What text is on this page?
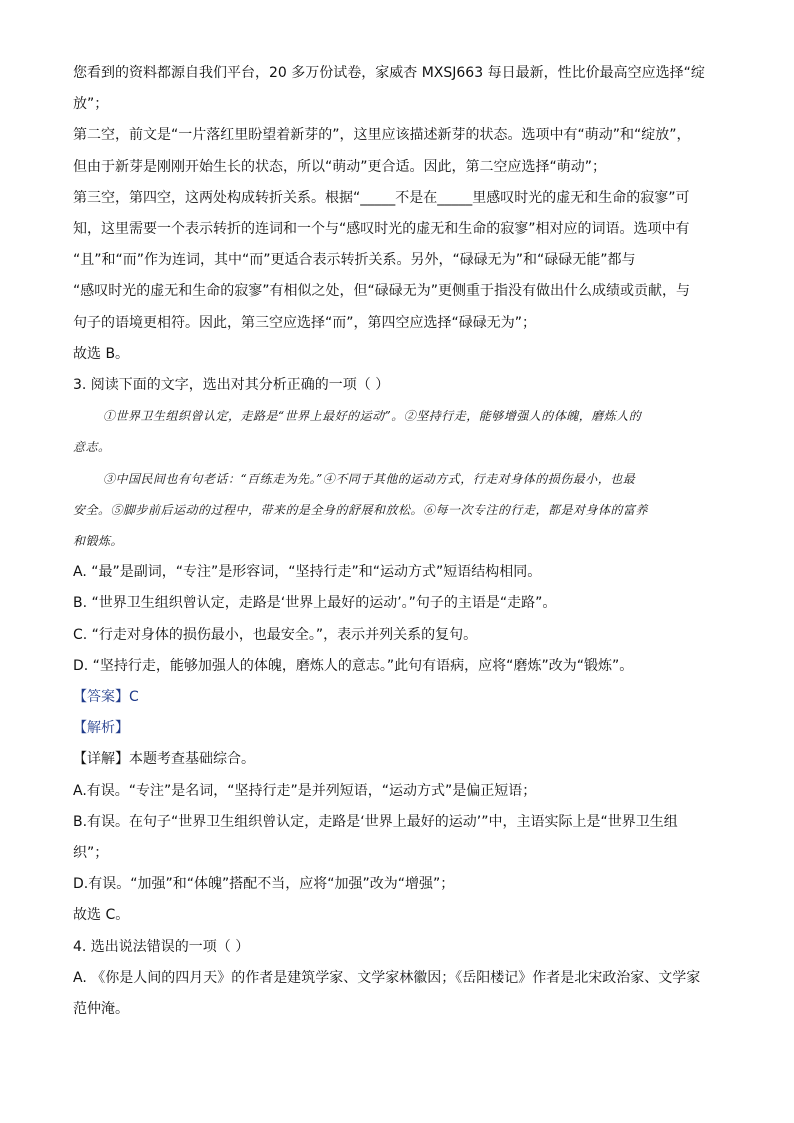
您看到的资料都源自我们平台，20 多万份试卷，家威杏 MXSJ663 每日最新，性比价最高空应选择“绽
放”；
第二空，前文是“一片落红里盼望着新芽的”，这里应该描述新芽的状态。选项中有“萌动”和“绽放”，
但由于新芽是刚刚开始生长的状态，所以“萌动”更合适。因此，第二空应选择“萌动”；
第三空，第四空，这两处构成转折关系。根据“_____不是在_____里感叹时光的虚无和生命的寂寥”可
知，这里需要一个表示转折的连词和一个与“感叹时光的虚无和生命的寂寥”相对应的词语。选项中有
“且”和“而”作为连词，其中“而”更适合表示转折关系。另外，“碌碌无为”和“碌碌无能”都与
“感叹时光的虚无和生命的寂寥”有相似之处，但“碌碌无为”更侧重于指没有做出什么成绩或贡献，与
句子的语境更相符。因此，第三空应选择“而”，第四空应选择“碌碌无为”；
故选 B。
3. 阅读下面的文字，选出对其分析正确的一项（ ）
①世界卫生组织曾认定，走路是“世界上最好的运动”。②坚持行走，能够增强人的体魄，磨炼人的
意志。
③中国民间也有句老话：“百练走为先。”④不同于其他的运动方式，行走对身体的损伤最小，也最
安全。⑤脚步前后运动的过程中，带来的是全身的舒展和放松。⑥每一次专注的行走，都是对身体的富养
和锻炼。
A. “最”是副词，“专注”是形容词，“坚持行走”和“运动方式”短语结构相同。
B. “世界卫生组织曾认定，走路是‘世界上最好的运动’。”句子的主语是“走路”。
C. “行走对身体的损伤最小，也最安全。”，表示并列关系的复句。
D. “坚持行走，能够加强人的体魄，磨炼人的意志。”此句有语病，应将“磨炼”改为“锻炼”。
【答案】C
【解析】
【详解】本题考查基础综合。
A.有误。“专注”是名词，“坚持行走”是并列短语，“运动方式”是偏正短语；
B.有误。在句子“世界卫生组织曾认定，走路是‘世界上最好的运动’”中，主语实际上是“世界卫生组
织”；
D.有误。“加强”和“体魄”搭配不当，应将“加强”改为“增强”；
故选 C。
4. 选出说法错误的一项（ ）
A. 《你是人间的四月天》的作者是建筑学家、文学家林徽因；《岳阳楼记》作者是北宋政治家、文学家
范仲淹。
